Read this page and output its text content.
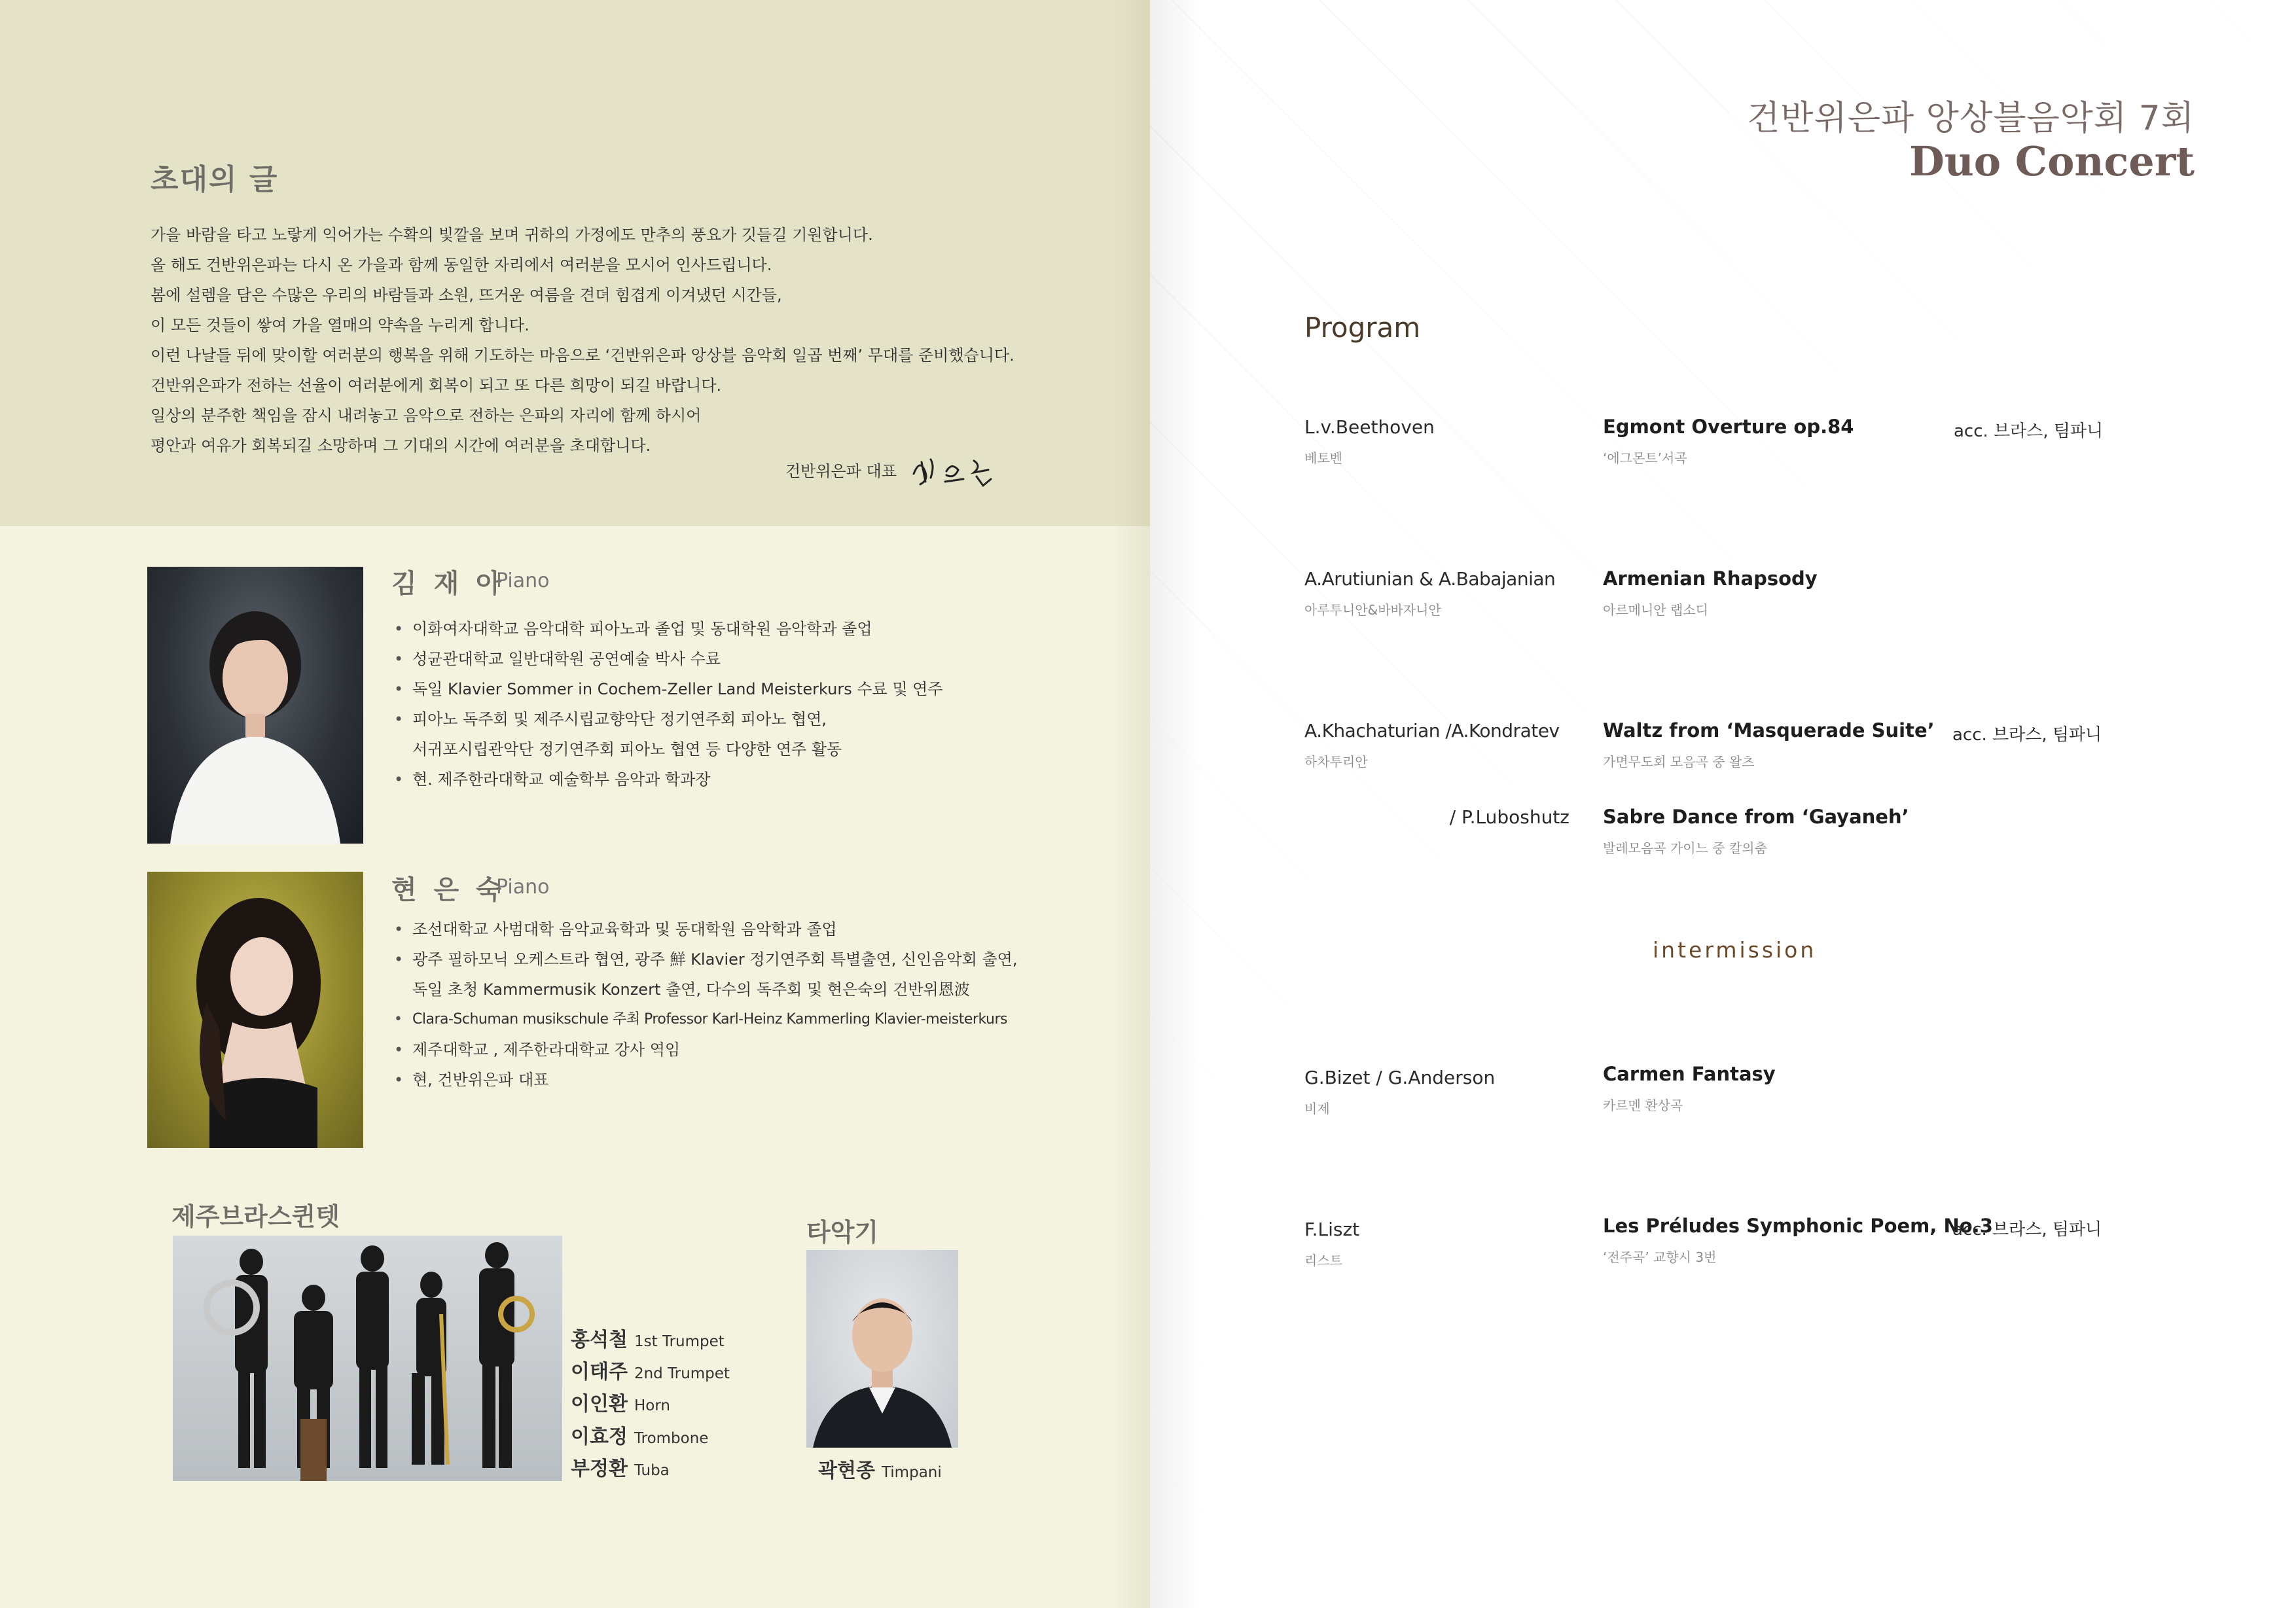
초대의 글
가을 바람을 타고 노랗게 익어가는 수확의 빛깔을 보며 귀하의 가정에도 만추의 풍요가 깃들길 기원합니다.
올 해도 건반위은파는 다시 온 가을과 함께 동일한 자리에서 여러분을 모시어 인사드립니다.
봄에 설렘을 담은 수많은 우리의 바람들과 소원, 뜨거운 여름을 견뎌 힘겹게 이겨냈던 시간들,
이 모든 것들이 쌓여 가을 열매의 약속을 누리게 합니다.
이런 나날들 뒤에 맞이할 여러분의 행복을 위해 기도하는 마음으로 ‘건반위은파 앙상블 음악회 일곱 번째’ 무대를 준비했습니다.
건반위은파가 전하는 선율이 여러분에게 회복이 되고 또 다른 희망이 되길 바랍니다.
일상의 분주한 책임을 잠시 내려놓고 음악으로 전하는 은파의 자리에 함께 하시어
평안과 여유가 회복되길 소망하며 그 기대의 시간에 여러분을 초대합니다.
건반위은파 대표
김 재 아
Piano
• 이화여자대학교 음악대학 피아노과 졸업 및 동대학원 음악학과 졸업
• 성균관대학교 일반대학원 공연예술 박사 수료
• 독일 Klavier Sommer in Cochem-Zeller Land Meisterkurs 수료 및 연주
• 피아노 독주회 및 제주시립교향악단 정기연주회 피아노 협연,
서귀포시립관악단 정기연주회 피아노 협연 등 다양한 연주 활동
• 현. 제주한라대학교 예술학부 음악과 학과장
현 은 숙
Piano
• 조선대학교 사범대학 음악교육학과 및 동대학원 음악학과 졸업
• 광주 필하모닉 오케스트라 협연, 광주 鮮 Klavier 정기연주회 특별출연, 신인음악회 출연,
독일 초청 Kammermusik Konzert 출연, 다수의 독주회 및 현은숙의 건반위恩波
• Clara-Schuman musikschule 주최 Professor Karl-Heinz Kammerling Klavier-meisterkurs
• 제주대학교 , 제주한라대학교 강사 역임
• 현, 건반위은파 대표
제주브라스퀸텟
홍석철 1st Trumpet
이태주 2nd Trumpet
이인환 Horn
이효정 Trombone
부정환 Tuba
타악기
곽현종 Timpani
건반위은파 앙상블음악회 7회
Duo Concert
Program
L.v.Beethoven
베토벤
Egmont Overture op.84
‘에그몬트’서곡
acc. 브라스, 팀파니
A.Arutiunian & A.Babajanian
아루투니안&바바자니안
Armenian Rhapsody
아르메니안 랩소디
A.Khachaturian /A.Kondratev
하차투리안
Waltz from ‘Masquerade Suite’
가면무도회 모음곡 중 왈츠
acc. 브라스, 팀파니
/ P.Luboshutz Sabre Dance from ‘Gayaneh’
발레모음곡 가이느 중 칼의춤
intermission
G.Bizet / G.Anderson
비제
Carmen Fantasy
카르멘 환상곡
F.Liszt
리스트
Les Préludes Symphonic Poem, No.3
‘전주곡’ 교향시 3번
acc. 브라스, 팀파니
